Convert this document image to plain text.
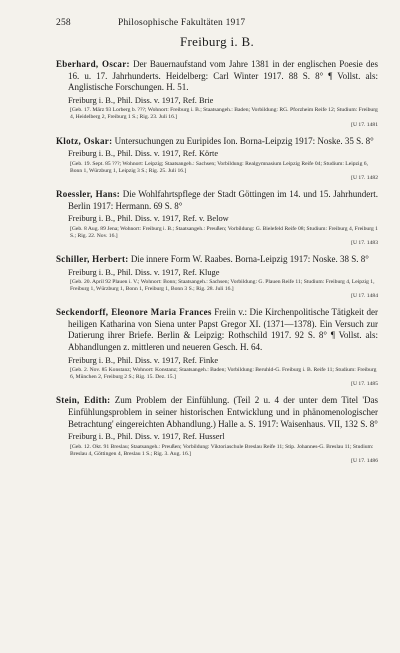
258	Philosophische Fakultäten 1917
Freiburg i. B.
Eberhard, Oscar: Der Bauernaufstand vom Jahre 1381 in der englischen Poesie des 16. u. 17. Jahrhunderts. Heidelberg: Carl Winter 1917. 88 S. 8° ¶ Vollst. als: Anglistische Forschungen. H. 51.
Freiburg i. B., Phil. Diss. v. 1917, Ref. Brie
[Geb. 17. März 93 Lorberg b. ???; Wohnort: Freiburg i. B.; Staatsangeh.: Baden; Vorbildung: RG. Pforzheim Reife 12; Studium: Freiburg 4, Heidelberg 2, Freiburg 1 S.; Rig. 23. Juli 16.]
[U 17. 1481
Klotz, Oskar: Untersuchungen zu Euripides Ion. Borna-Leipzig 1917: Noske. 35 S. 8°
Freiburg i. B., Phil. Diss. v. 1917, Ref. Körte
[Geb. 19. Sept. 85 ???; Wohnort: Leipzig; Staatsangeh.: Sachsen; Vorbildung: Realgymnasium Leipzig Reife 04; Studium: Leipzig 6, Bonn 1, Würzburg 1, Leipzig 3 S.; Rig. 25. Juli 16.]
[U 17. 1482
Roessler, Hans: Die Wohlfahrtspflege der Stadt Göttingen im 14. und 15. Jahrhundert. Berlin 1917: Hermann. 69 S. 8°
Freiburg i. B., Phil. Diss. v. 1917, Ref. v. Below
[Geb. 8 Aug. 89 Jena; Wohnort: Freiburg i. B.; Staatsangeh.: Preußen; Vorbildung: G. Bielefeld Reife 08; Studium: Freiburg 4, Freiburg 1 S.; Rig. 22. Nov. 16.]
[U 17. 1483
Schiller, Herbert: Die innere Form W. Raabes. Borna-Leipzig 1917: Noske. 38 S. 8°
Freiburg i. B., Phil. Diss. v. 1917, Ref. Kluge
[Geb. 20. April 92 Plauen i. V.; Wohnort: Bonn; Staatsangeh.: Sachsen; Vorbildung: G. Plauen Reife 11; Studium: Freiburg 4, Leipzig 1, Freiburg 1, Würzburg 1, Bonn 1, Freiburg 1, Bonn 3 S.; Rig. 28. Juli 16.]
[U 17. 1484
Seckendorff, Eleonore Maria Frances Freiin v.: Die Kirchenpolitische Tätigkeit der heiligen Katharina von Siena unter Papst Gregor XI. (1371—1378). Ein Versuch zur Datierung ihrer Briefe. Berlin & Leipzig: Rothschild 1917. 92 S. 8° ¶ Vollst. als: Abhandlungen z. mittleren und neueren Gesch. H. 64.
Freiburg i. B., Phil. Diss. v. 1917, Ref. Finke
[Geb. 2. Nov. 85 Konstanz; Wohnort: Konstanz; Staatsangeh.: Baden; Vorbildung: Beruhld-G. Freiburg i. B. Reife 11; Studium: Freiburg 6, München 2, Freiburg 2 S.; Rig. 15. Dez. 15.]
[U 17. 1485
Stein, Edith: Zum Problem der Einfühlung. (Teil 2 u. 4 der unter dem Titel 'Das Einfühlungsproblem in seiner historischen Entwicklung und in phänomenologischer Betrachtung' eingereichten Abhandlung.) Halle a. S. 1917: Waisenhaus. VII, 132 S. 8°
Freiburg i. B., Phil. Diss. v. 1917, Ref. Husserl
[Geb. 12. Okt. 91 Breslau; Staatsangeh.: Preußen; Vorbildung: Viktoriaschule Breslau Reife 11; Stip. Johannes-G. Breslau 11; Studium: Breslau 4, Göttingen 4, Breslau 1 S.; Rig. 3. Aug. 16.]
[U 17. 1486
